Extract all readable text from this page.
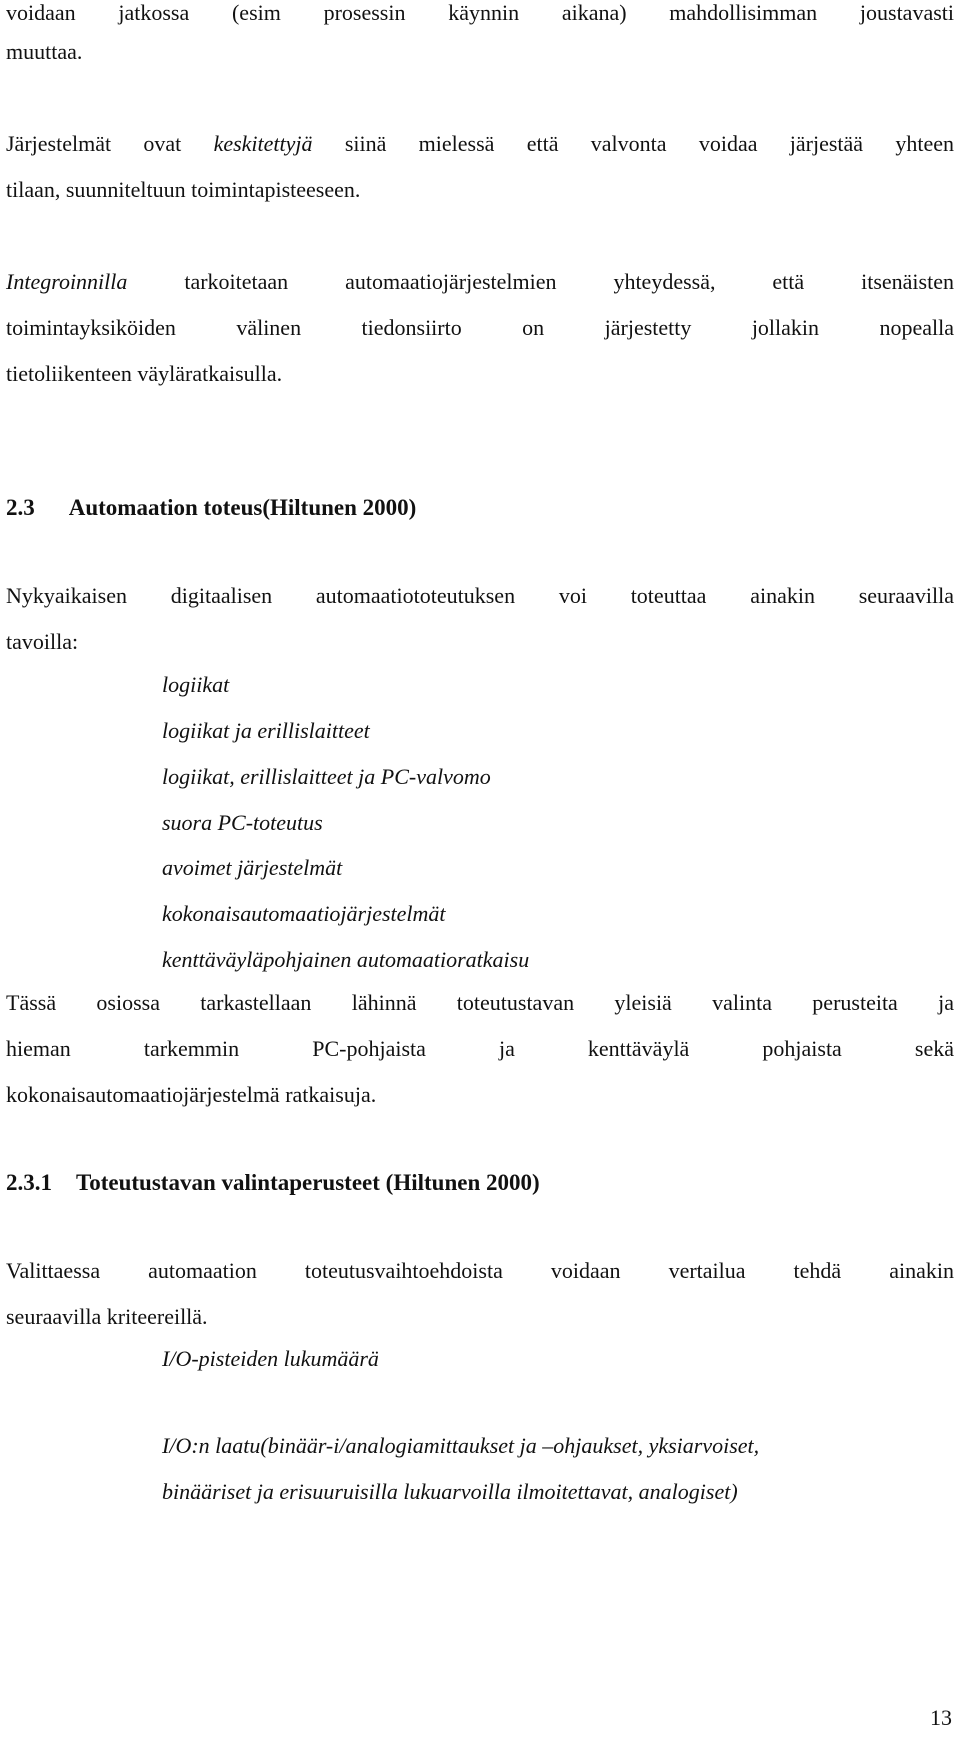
voidaan jatkossa (esim prosessin käynnin aikana) mahdollisimman joustavasti
muuttaa.
Järjestelmät ovat keskitettyjä siinä mielessä että valvonta voidaa järjestää yhteen
tilaan, suunniteltuun toimintapisteeseen.
Integroinnilla tarkoitetaan automaatiojärjestelmien yhteydessä, että itsenäisten
toimintayksiköiden välinen tiedonsiirto on järjestetty jollakin nopealla
tietoliikenteen väyläratkaisulla.
2.3 Automaation toteus(Hiltunen 2000)
Nykyaikaisen digitaalisen automaatiototeutuksen voi toteuttaa ainakin seuraavilla
tavoilla:
logiikat
logiikat ja erillislaitteet
logiikat, erillislaitteet ja PC-valvomo
suora PC-toteutus
avoimet järjestelmät
kokonaisautomaatiojärjestelmät
kenttäväyläpohjainen automaatioratkaisu
Tässä osiossa tarkastellaan lähinnä toteutustavan yleisiä valinta perusteita ja
hieman tarkemmin PC-pohjaista ja kenttäväylä pohjaista sekä
kokonaisautomaatiojärjestelmä ratkaisuja.
2.3.1 Toteutustavan valintaperusteet (Hiltunen 2000)
Valittaessa automaation toteutusvaihtoehdoista voidaan vertailua tehdä ainakin
seuraavilla kriteereillä.
I/O-pisteiden lukumäärä
I/O:n laatu(binäär-i/analogiamittaukset ja –ohjaukset, yksiarvoiset,
binääriset ja erisuuruisilla lukuarvoilla ilmoitettavat, analogiset)
13
